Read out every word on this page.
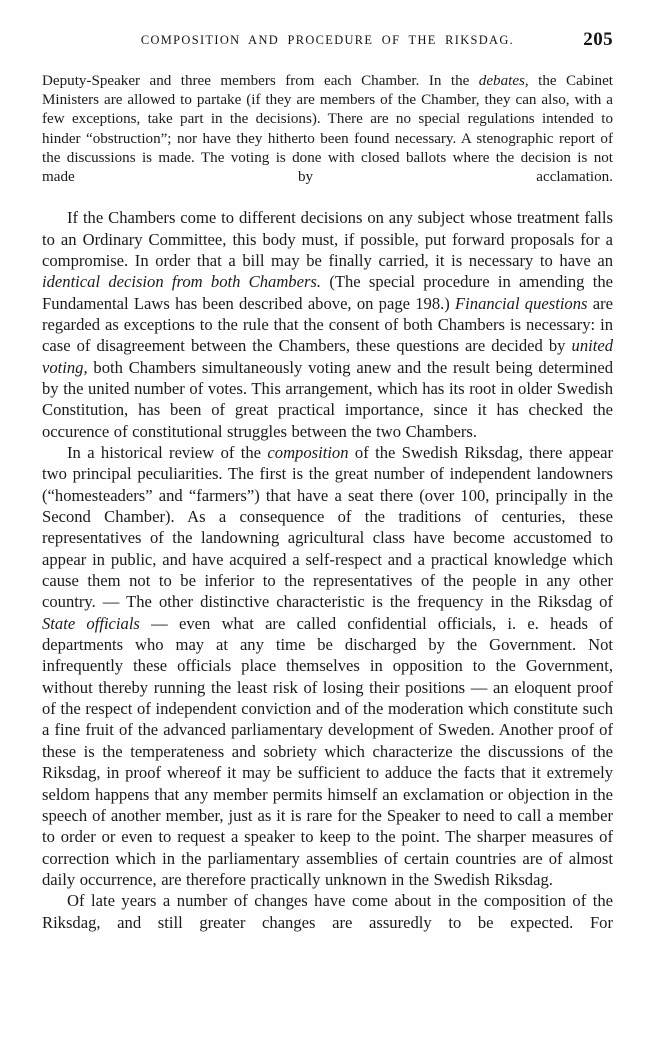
COMPOSITION AND PROCEDURE OF THE RIKSDAG.	205
Deputy-Speaker and three members from each Chamber. In the debates, the Cabinet Ministers are allowed to partake (if they are members of the Chamber, they can also, with a few exceptions, take part in the decisions). There are no special regulations intended to hinder “obstruction”; nor have they hitherto been found necessary. A stenographic report of the discussions is made. The voting is done with closed ballots where the decision is not made by acclamation.

If the Chambers come to different decisions on any subject whose treatment falls to an Ordinary Committee, this body must, if possible, put forward proposals for a compromise. In order that a bill may be finally carried, it is necessary to have an identical decision from both Chambers. (The special procedure in amending the Fundamental Laws has been described above, on page 198.) Financial questions are regarded as exceptions to the rule that the consent of both Chambers is necessary: in case of disagreement between the Chambers, these questions are decided by united voting, both Chambers simultaneously voting anew and the result being determined by the united number of votes. This arrangement, which has its root in older Swedish Constitution, has been of great practical importance, since it has checked the occurence of constitutional struggles between the two Chambers.

In a historical review of the composition of the Swedish Riksdag, there appear two principal peculiarities. The first is the great number of independent landowners (“homesteaders” and “farmers”) that have a seat there (over 100, principally in the Second Chamber). As a consequence of the traditions of centuries, these representatives of the landowning agricultural class have become accustomed to appear in public, and have acquired a self-respect and a practical knowledge which cause them not to be inferior to the representatives of the people in any other country. — The other distinctive characteristic is the frequency in the Riksdag of State officials — even what are called confidential officials, i. e. heads of departments who may at any time be discharged by the Government. Not infrequently these officials place themselves in opposition to the Government, without thereby running the least risk of losing their positions — an eloquent proof of the respect of independent conviction and of the moderation which constitute such a fine fruit of the advanced parliamentary development of Sweden. Another proof of these is the temperateness and sobriety which characterize the discussions of the Riksdag, in proof whereof it may be sufficient to adduce the facts that it extremely seldom happens that any member permits himself an exclamation or objection in the speech of another member, just as it is rare for the Speaker to need to call a member to order or even to request a speaker to keep to the point. The sharper measures of correction which in the parliamentary assemblies of certain countries are of almost daily occurrence, are therefore practically unknown in the Swedish Riksdag.

Of late years a number of changes have come about in the composition of the Riksdag, and still greater changes are assuredly to be expected. For
